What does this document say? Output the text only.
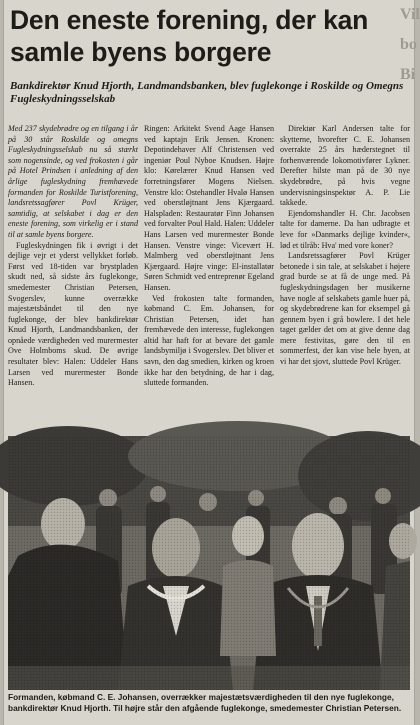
Vil
bo
Bi
Den eneste forening, der kan samle byens borgere

Bankdirektør Knud Hjorth, Landmandsbanken, blev fuglekonge i Roskilde og Omegns Fugleskydningsselskab

Med 237 skydebrødre og en tilgang i år på 30 står Roskilde og omegns Fugleskydningsselskab nu så stærkt som nogensinde, og ved frokosten i går på Hotel Prindsen i anledning af den årlige fugleskydning fremhævede formanden for Roskilde Turistforening, landsretssagfører Povl Krüger, samtidig, at selskabet i dag er den eneste forening, som virkelig er i stand til at samle byens borgere.

Fugleskydningen fik i øvrigt i det dejlige vejr et yderst vellykket forløb. Først ved 18-tiden var brystpladen skudt ned, så sidste års fuglekonge, smedemester Christian Petersen, Svogerslev, kunne overrække majestætsbåndet til den nye fuglekonge, der blev bankdirektør Knud Hjorth, Landmandsbanken, der opnåede værdigheden ved murermester Ove Holmboms skud. De øvrige resultater blev: Halen: Uddeler Hans Larsen ved murermester Bonde Hansen.

Ringen: Arkitekt Svend Aage Hansen ved kaptajn Erik Jensen. Kronen: Depotindehaver Alf Christensen ved ingeniør Poul Nyboe Knudsen. Højre klo: Kørelærer Knud Hansen ved forretningsfører Mogens Nielsen. Venstre klo: Ostehandler Hvalø Hansen ved oberstløjtnant Jens Kjærgaard. Halspladen: Restauratør Finn Johansen ved forvalter Poul Hald. Halen: Uddeler Hans Larsen ved murermester Bonde Hansen. Venstre vinge: Vicevært H. Malmberg ved oberstløjtnant Jens Kjærgaard. Højre vinge: El-installatør Søren Schmidt ved entreprenør Egeland Hansen.

Ved frokosten talte formanden, købmand C. Em. Johansen, for Christian Petersen, idet han fremhævede den interesse, fuglekongen altid har haft for at bevare det gamle landsbymiljø i Svogerslev. Det bliver et savn, den dag smedien, kirken og kroen ikke har den betydning, de har i dag, sluttede formanden.

Direktør Karl Andersen talte for skytterne, hvorefter C. E. Johansen overrakte 25 års hæderstegnet til forhenværende lokomotivfører Lykner. Derefter hilste man på de 30 nye skydebrødre, på hvis vegne undervisningsinspektør A. P. Lie takkede.

Ejendomshandler H. Chr. Jacobsen talte for damerne. Da han udbragte et leve for »Danmarks dejlige kvinder«, lød et tilråb: Hva' med vore koner?

Landsretssagfører Povl Krüger betonede i sin tale, at selskabet i højere grad burde se at få de unge med. På fugleskydningsdagen ber musikerne have nogle af selskabets gamle huer på, og skydebrødrene kan for eksempel gå gennem byen i grå bowlere. I det hele taget gælder det om at give denne dag mere festivitas, gøre den til en sommerfest, der kan vise hele byen, at vi har det sjovt, sluttede Povl Krüger.

Formanden, købmand C. E. Johansen, overrækker majestætsværdigheden til den nye fuglekonge, bankdirektør Knud Hjorth. Til højre står den afgående fuglekonge, smedemester Christian Petersen.
